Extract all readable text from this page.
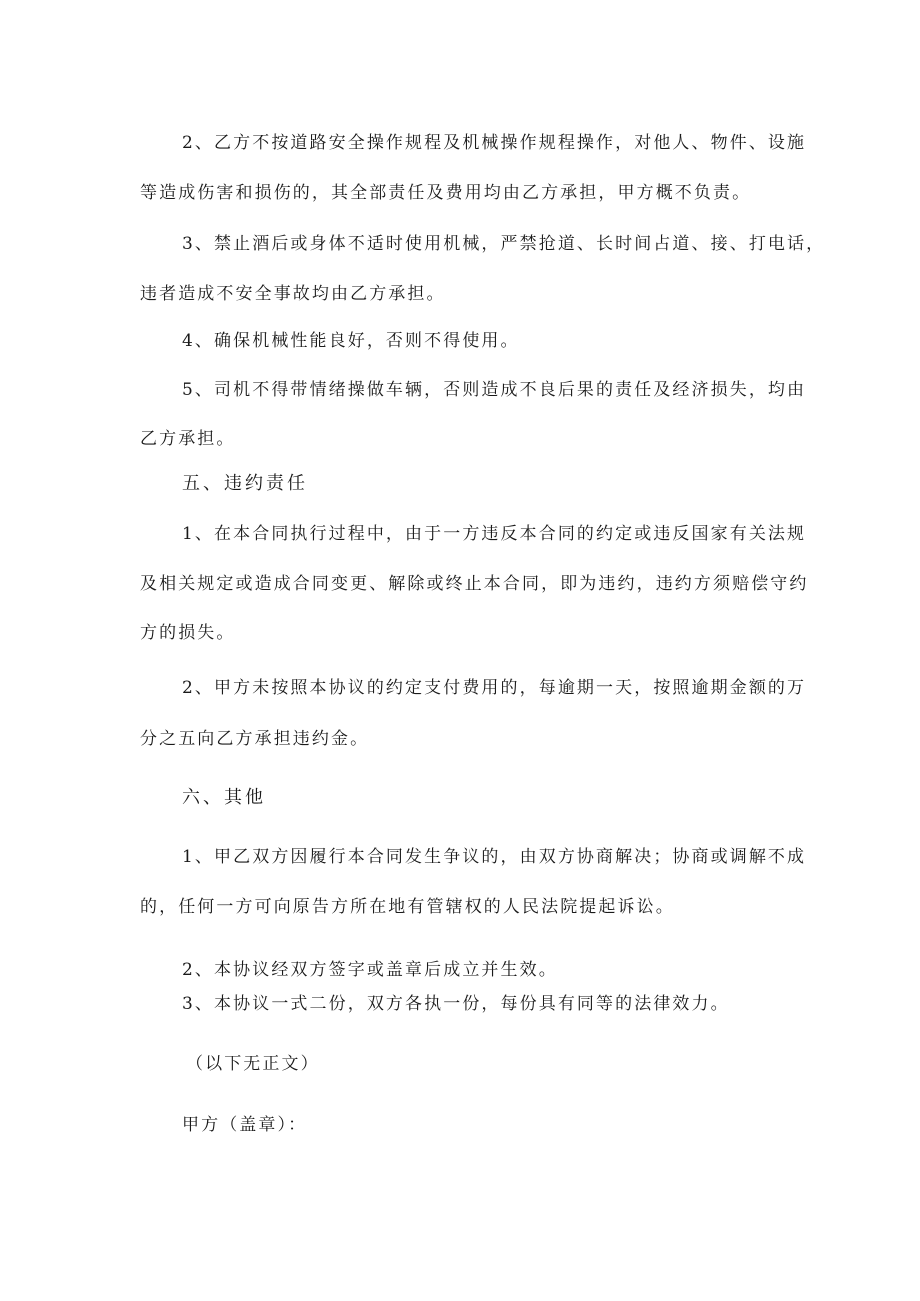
2、乙方不按道路安全操作规程及机械操作规程操作，对他人、物件、设施
等造成伤害和损伤的，其全部责任及费用均由乙方承担，甲方概不负责。
3、禁止酒后或身体不适时使用机械，严禁抢道、长时间占道、接、打电话，
违者造成不安全事故均由乙方承担。
4、确保机械性能良好，否则不得使用。
5、司机不得带情绪操做车辆，否则造成不良后果的责任及经济损失，均由
乙方承担。
五、违约责任
1、在本合同执行过程中，由于一方违反本合同的约定或违反国家有关法规
及相关规定或造成合同变更、解除或终止本合同，即为违约，违约方须赔偿守约
方的损失。
2、甲方未按照本协议的约定支付费用的，每逾期一天，按照逾期金额的万
分之五向乙方承担违约金。
六、其他
1、甲乙双方因履行本合同发生争议的，由双方协商解决；协商或调解不成
的，任何一方可向原告方所在地有管辖权的人民法院提起诉讼。
2、本协议经双方签字或盖章后成立并生效。
3、本协议一式二份，双方各执一份，每份具有同等的法律效力。
（以下无正文）
甲方（盖章）：
